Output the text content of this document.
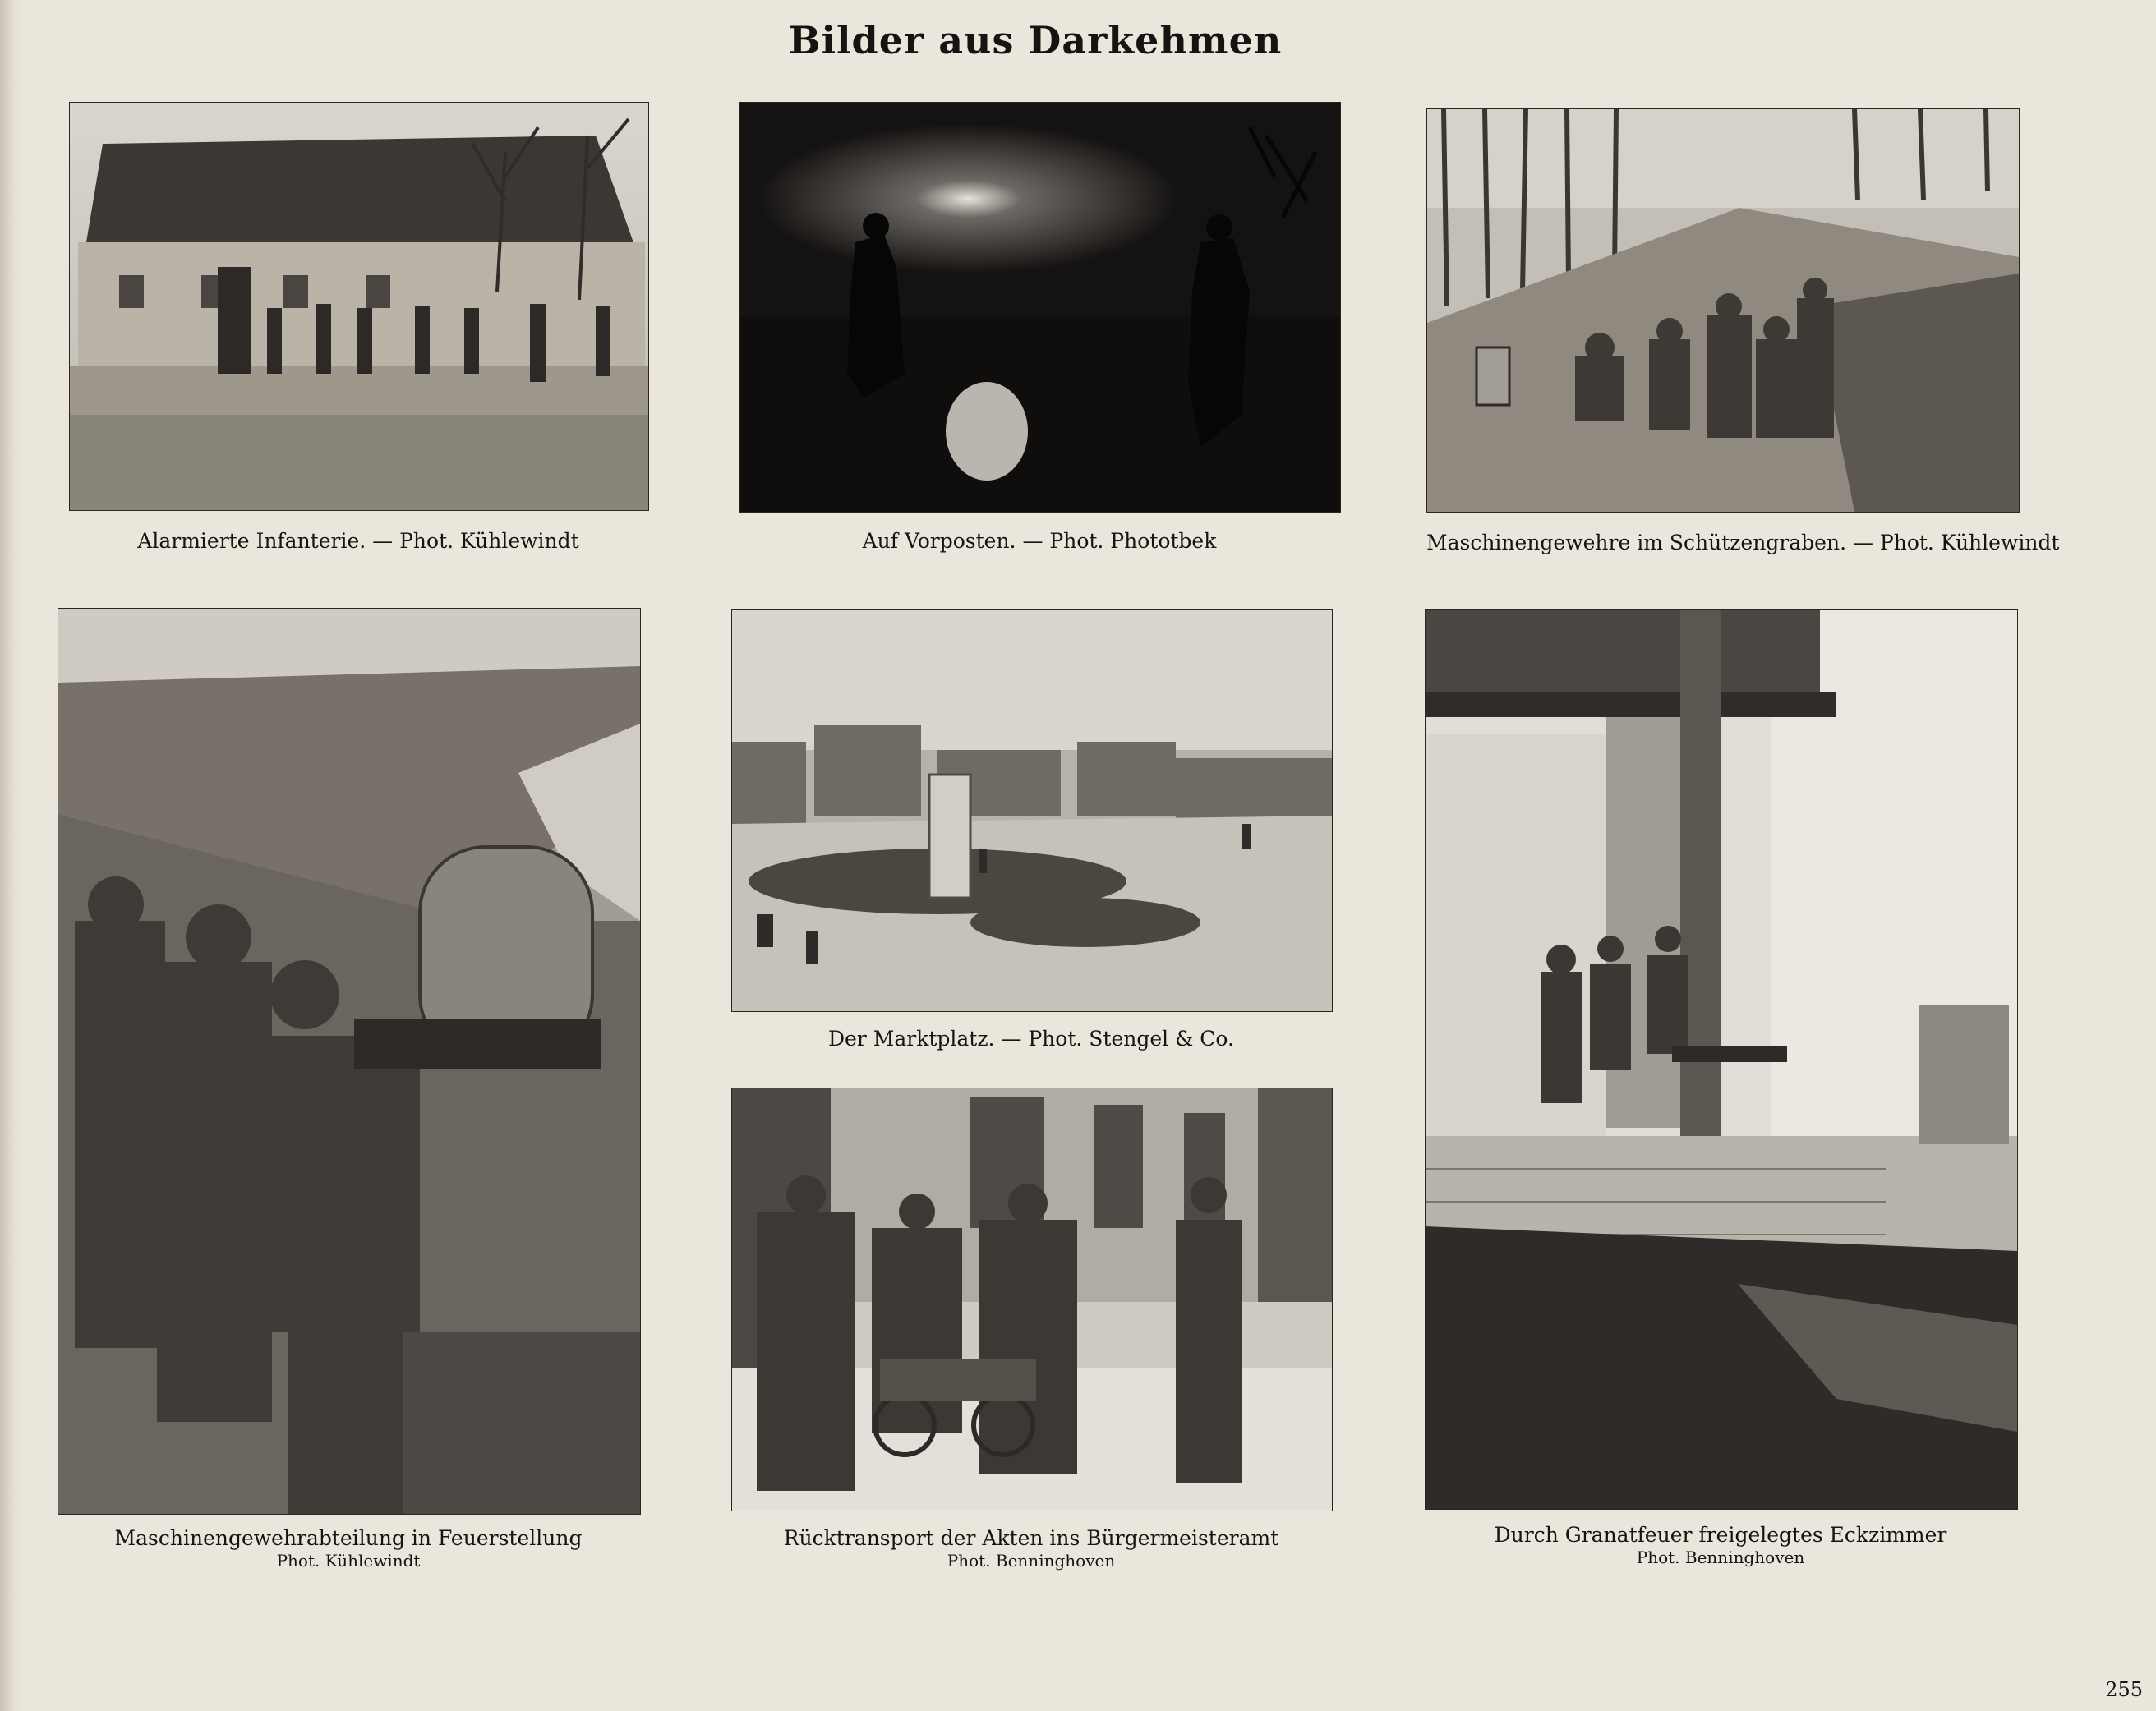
Bilder aus Darkehmen
Alarmierte Infanterie. — Phot. Kühlewindt	Auf Vorposten. — Phot. Phototbek	Maschinengewehre im Schützengraben. — Phot. Kühlewindt
Maschinengewehrabteilung in Feuerstellung
Phot. Kühlewindt
Der Marktplatz. — Phot. Stengel & Co.
Rücktransport der Akten ins Bürgermeisteramt
Phot. Benninghoven
Durch Granatfeuer freigelegtes Eckzimmer
Phot. Benninghoven
255
